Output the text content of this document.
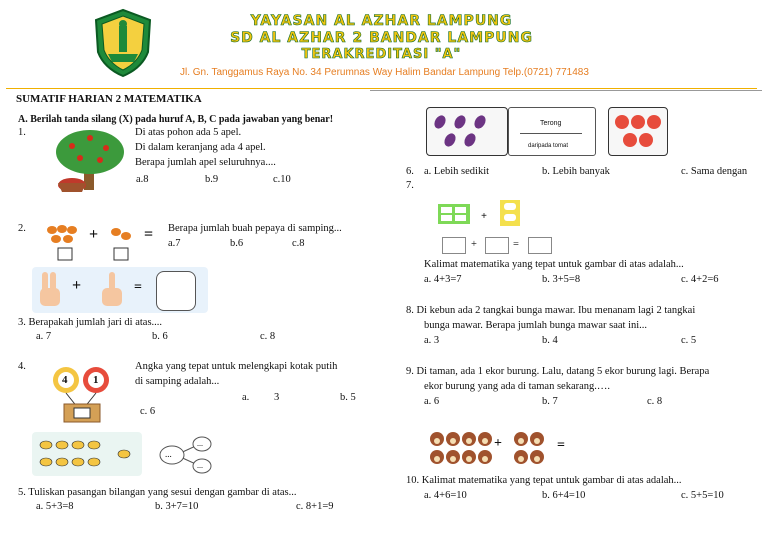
YAYASAN AL AZHAR LAMPUNG
SD AL AZHAR 2 BANDAR LAMPUNG
TERAKREDITASI "A"
Jl. Gn. Tanggamus Raya No. 34 Perumnas Way Halim Bandar Lampung Telp.(0721) 771483
SUMATIF HARIAN 2 MATEMATIKA
A. Berilah tanda silang (X) pada huruf A, B, C pada jawaban yang benar!
1.	Di atas pohon ada 5 apel.
Di dalam keranjang ada 4 apel.
Berapa jumlah apel seluruhnya....
a.8	b.9	c.10
2.	+	= Berapa jumlah buah pepaya di samping...
a.7	b.6	c.8
+	=
3. Berapakah jumlah jari di atas....
a. 7	b. 6	c. 8
4.
4 1
Angka yang tepat untuk melengkapi kotak putih
di samping adalah...
a. 3	b. 5
c. 6
...
...
...
5. Tuliskan pasangan bilangan yang sesui dengan gambar di atas...
a. 5+3=8	b. 3+7=10	c. 8+1=9
Terong
daripada tomat
6. a. Lebih sedikit	b. Lebih banyak	c. Sama dengan
7.
+
+	=
Kalimat matematika yang tepat untuk gambar di atas adalah...
a. 4+3=7	b. 3+5=8	c. 4+2=6
8. Di kebun ada 2 tangkai bunga mawar. Ibu menanam lagi 2 tangkai
bunga mawar. Berapa jumlah bunga mawar saat ini...
a. 3	b. 4	c. 5
9. Di taman, ada 1 ekor burung. Lalu, datang 5 ekor burung lagi. Berapa
ekor burung yang ada di taman sekarang.….
a. 6	b. 7	c. 8
+	=
10. Kalimat matematika yang tepat untuk gambar di atas adalah...
a. 4+6=10	b. 6+4=10	c. 5+5=10
